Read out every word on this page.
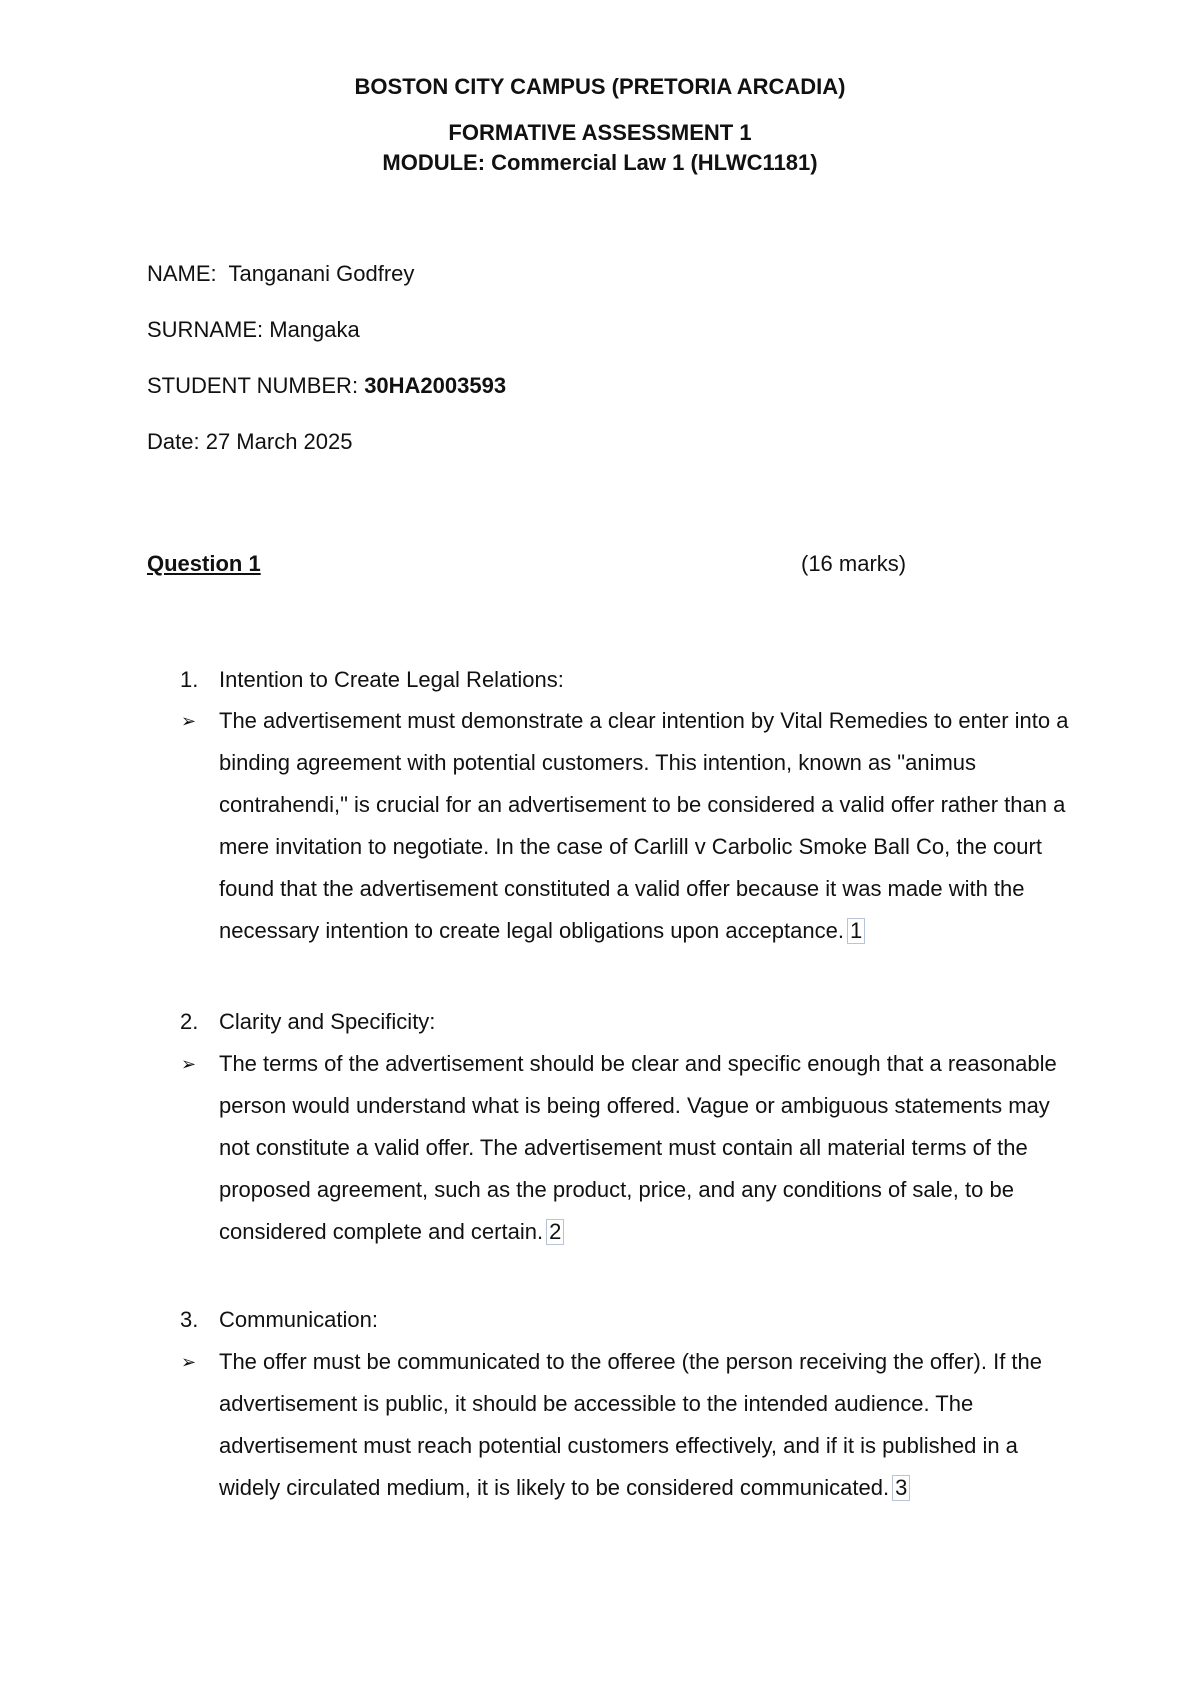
BOSTON CITY CAMPUS (PRETORIA ARCADIA)
FORMATIVE ASSESSMENT 1
MODULE: Commercial Law 1 (HLWC1181)
NAME: Tanganani Godfrey
SURNAME: Mangaka
STUDENT NUMBER: 30HA2003593
Date: 27 March 2025
Question 1	(16 marks)
1. Intention to Create Legal Relations:
➢ The advertisement must demonstrate a clear intention by Vital Remedies to enter into a binding agreement with potential customers. This intention, known as "animus contrahendi," is crucial for an advertisement to be considered a valid offer rather than a mere invitation to negotiate. In the case of Carlill v Carbolic Smoke Ball Co, the court found that the advertisement constituted a valid offer because it was made with the necessary intention to create legal obligations upon acceptance. 1
2. Clarity and Specificity:
➢ The terms of the advertisement should be clear and specific enough that a reasonable person would understand what is being offered. Vague or ambiguous statements may not constitute a valid offer. The advertisement must contain all material terms of the proposed agreement, such as the product, price, and any conditions of sale, to be considered complete and certain. 2
3. Communication:
➢ The offer must be communicated to the offeree (the person receiving the offer). If the advertisement is public, it should be accessible to the intended audience. The advertisement must reach potential customers effectively, and if it is published in a widely circulated medium, it is likely to be considered communicated. 3
